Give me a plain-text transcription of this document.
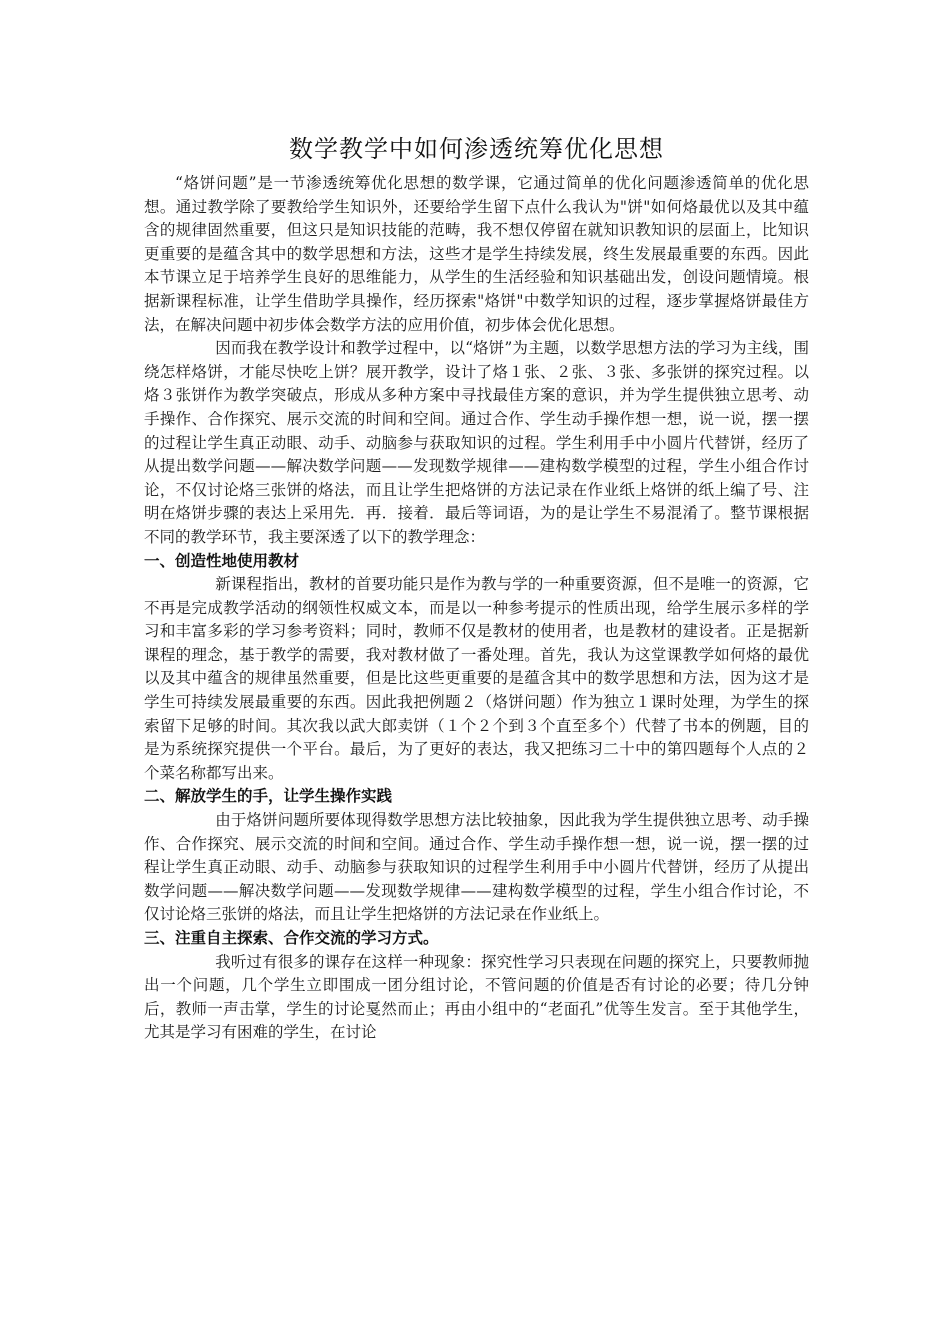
数学教学中如何渗透统筹优化思想

“烙饼问题”是一节渗透统筹优化思想的数学课，它通过简单的优化问题渗透简单的优化思想。通过教学除了要教给学生知识外，还要给学生留下点什么我认为"饼"如何烙最优以及其中蕴含的规律固然重要，但这只是知识技能的范畴，我不想仅停留在就知识教知识的层面上，比知识更重要的是蕴含其中的数学思想和方法，这些才是学生持续发展，终生发展最重要的东西。因此本节课立足于培养学生良好的思维能力，从学生的生活经验和知识基础出发，创设问题情境。根据新课程标准，让学生借助学具操作，经历探索"烙饼"中数学知识的过程，逐步掌握烙饼最佳方法，在解决问题中初步体会数学方法的应用价值，初步体会优化思想。

因而我在教学设计和教学过程中，以“烙饼”为主题，以数学思想方法的学习为主线，围绕怎样烙饼，才能尽快吃上饼？展开教学，设计了烙１张、２张、３张、多张饼的探究过程。以烙３张饼作为教学突破点，形成从多种方案中寻找最佳方案的意识，并为学生提供独立思考、动手操作、合作探究、展示交流的时间和空间。通过合作、学生动手操作想一想，说一说，摆一摆的过程让学生真正动眼、动手、动脑参与获取知识的过程。学生利用手中小圆片代替饼，经历了从提出数学问题——解决数学问题——发现数学规律——建构数学模型的过程，学生小组合作讨论，不仅讨论烙三张饼的烙法，而且让学生把烙饼的方法记录在作业纸上烙饼的纸上编了号、注明在烙饼步骤的表达上采用先．再．接着．最后等词语，为的是让学生不易混淆了。整节课根据不同的教学环节，我主要深透了以下的教学理念：

一、创造性地使用教材

新课程指出，教材的首要功能只是作为教与学的一种重要资源，但不是唯一的资源，它不再是完成教学活动的纲领性权威文本，而是以一种参考提示的性质出现，给学生展示多样的学习和丰富多彩的学习参考资料；同时，教师不仅是教材的使用者，也是教材的建设者。正是据新课程的理念，基于教学的需要，我对教材做了一番处理。首先，我认为这堂课教学如何烙的最优以及其中蕴含的规律虽然重要，但是比这些更重要的是蕴含其中的数学思想和方法，因为这才是学生可持续发展最重要的东西。因此我把例题２（烙饼问题）作为独立１课时处理，为学生的探索留下足够的时间。其次我以武大郎卖饼（１个２个到３个直至多个）代替了书本的例题，目的是为系统探究提供一个平台。最后，为了更好的表达，我又把练习二十中的第四题每个人点的２个菜名称都写出来。

二、解放学生的手，让学生操作实践

由于烙饼问题所要体现得数学思想方法比较抽象，因此我为学生提供独立思考、动手操作、合作探究、展示交流的时间和空间。通过合作、学生动手操作想一想，说一说，摆一摆的过程让学生真正动眼、动手、动脑参与获取知识的过程学生利用手中小圆片代替饼，经历了从提出数学问题——解决数学问题——发现数学规律——建构数学模型的过程，学生小组合作讨论，不仅讨论烙三张饼的烙法，而且让学生把烙饼的方法记录在作业纸上。

三、注重自主探索、合作交流的学习方式。

我听过有很多的课存在这样一种现象：探究性学习只表现在问题的探究上，只要教师抛出一个问题，几个学生立即围成一团分组讨论，不管问题的价值是否有讨论的必要；待几分钟后，教师一声击掌，学生的讨论戛然而止；再由小组中的“老面孔”优等生发言。至于其他学生，尤其是学习有困难的学生，在讨论
